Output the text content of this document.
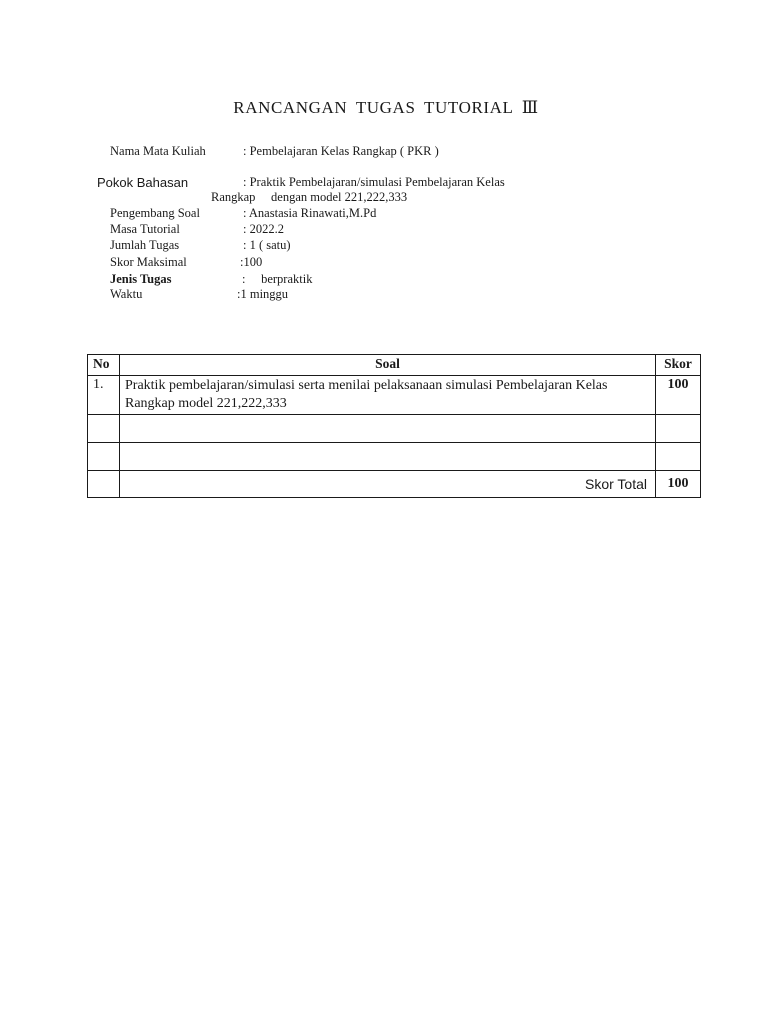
RANCANGAN TUGAS TUTORIAL Ⅲ
Nama Mata Kuliah	: Pembelajaran Kelas Rangkap ( PKR )
Pokok Bahasan	: Praktik Pembelajaran/simulasi Pembelajaran Kelas
Rangkap     dengan model 221,222,333
Pengembang Soal	: Anastasia Rinawati,M.Pd
Masa Tutorial	: 2022.2
Jumlah Tugas	: 1 ( satu)
Skor Maksimal	:100
Jenis Tugas	:     berpraktik
Waktu	:1 minggu
No	Soal	Skor
1.	Praktik pembelajaran/simulasi serta menilai pelaksanaan simulasi Pembelajaran Kelas Rangkap model 221,222,333	100

	Skor Total	100
